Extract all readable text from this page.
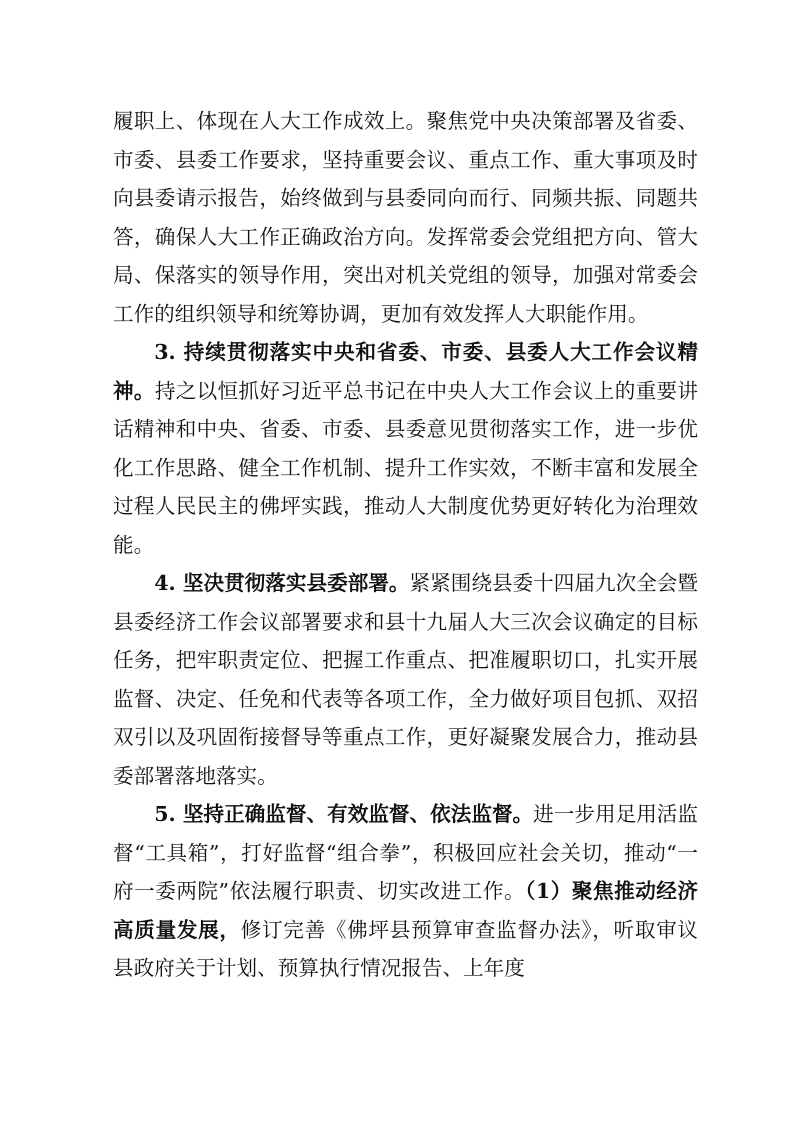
履职上、体现在人大工作成效上。聚焦党中央决策部署及省委、市委、县委工作要求，坚持重要会议、重点工作、重大事项及时向县委请示报告，始终做到与县委同向而行、同频共振、同题共答，确保人大工作正确政治方向。发挥常委会党组把方向、管大局、保落实的领导作用，突出对机关党组的领导，加强对常委会工作的组织领导和统筹协调，更加有效发挥人大职能作用。

3. 持续贯彻落实中央和省委、市委、县委人大工作会议精神。持之以恒抓好习近平总书记在中央人大工作会议上的重要讲话精神和中央、省委、市委、县委意见贯彻落实工作，进一步优化工作思路、健全工作机制、提升工作实效，不断丰富和发展全过程人民民主的佛坪实践，推动人大制度优势更好转化为治理效能。

4. 坚决贯彻落实县委部署。紧紧围绕县委十四届九次全会暨县委经济工作会议部署要求和县十九届人大三次会议确定的目标任务，把牢职责定位、把握工作重点、把准履职切口，扎实开展监督、决定、任免和代表等各项工作，全力做好项目包抓、双招双引以及巩固衔接督导等重点工作，更好凝聚发展合力，推动县委部署落地落实。

5. 坚持正确监督、有效监督、依法监督。进一步用足用活监督“工具箱”，打好监督“组合拳”，积极回应社会关切，推动“一府一委两院”依法履行职责、切实改进工作。（1）聚焦推动经济高质量发展，修订完善《佛坪县预算审查监督办法》，听取审议县政府关于计划、预算执行情况报告、上年度
